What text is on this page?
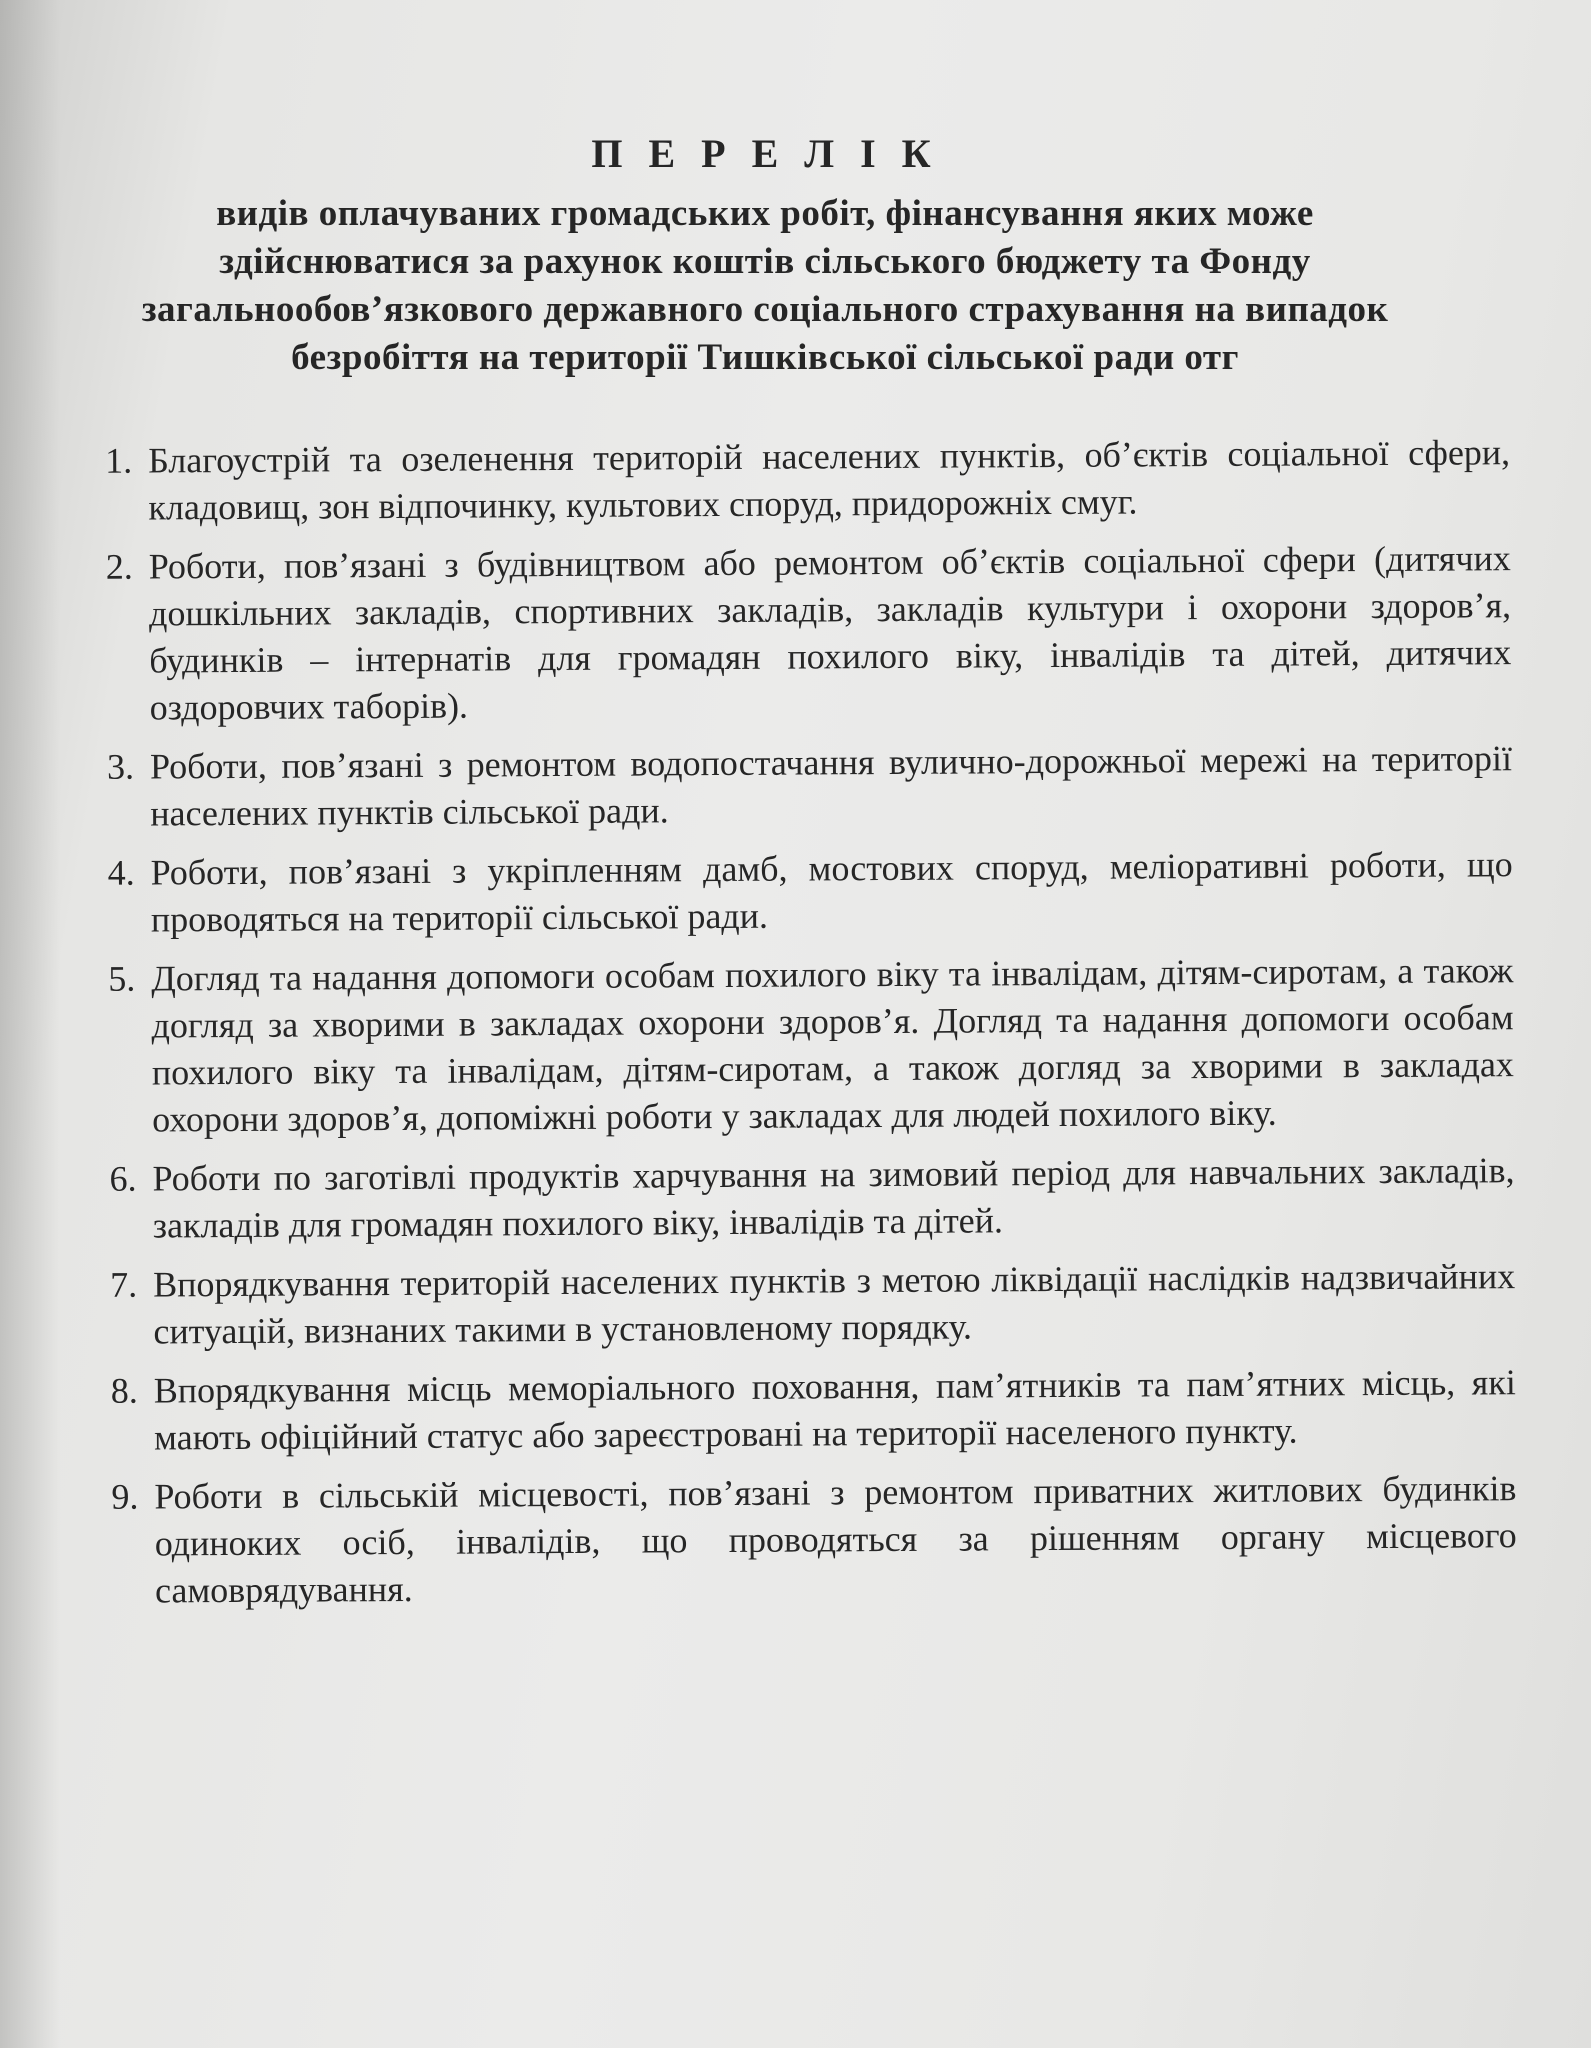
П Е Р Е Л І К

видів оплачуваних громадських робіт, фінансування яких може здійснюватися за рахунок коштів сільського бюджету та Фонду загальнообов’язкового державного соціального страхування на випадок безробіття на території Тишківської сільської ради отг

1. Благоустрій та озеленення територій населених пунктів, об’єктів соціальної сфери, кладовищ, зон відпочинку, культових споруд, придорожніх смуг.
2. Роботи, пов’язані з будівництвом або ремонтом об’єктів соціальної сфери (дитячих дошкільних закладів, спортивних закладів, закладів культури і охорони здоров’я, будинків – інтернатів для громадян похилого віку, інвалідів та дітей, дитячих оздоровчих таборів).
3. Роботи, пов’язані з ремонтом водопостачання вулично-дорожньої мережі на території населених пунктів сільської ради.
4. Роботи, пов’язані з укріпленням дамб, мостових споруд, меліоративні роботи, що проводяться на території сільської ради.
5. Догляд та надання допомоги особам похилого віку та інвалідам, дітям-сиротам, а також догляд за хворими в закладах охорони здоров’я. Догляд та надання допомоги особам похилого віку та інвалідам, дітям-сиротам, а також догляд за хворими в закладах охорони здоров’я, допоміжні роботи у закладах для людей похилого віку.
6. Роботи по заготівлі продуктів харчування на зимовий період для навчальних закладів, закладів для громадян похилого віку, інвалідів та дітей.
7. Впорядкування територій населених пунктів з метою ліквідації наслідків надзвичайних ситуацій, визнаних такими в установленому порядку.
8. Впорядкування місць меморіального поховання, пам’ятників та пам’ятних місць, які мають офіційний статус або зареєстровані на території населеного пункту.
9. Роботи в сільській місцевості, пов’язані з ремонтом приватних житлових будинків одиноких осіб, інвалідів, що проводяться за рішенням органу місцевого самоврядування.
